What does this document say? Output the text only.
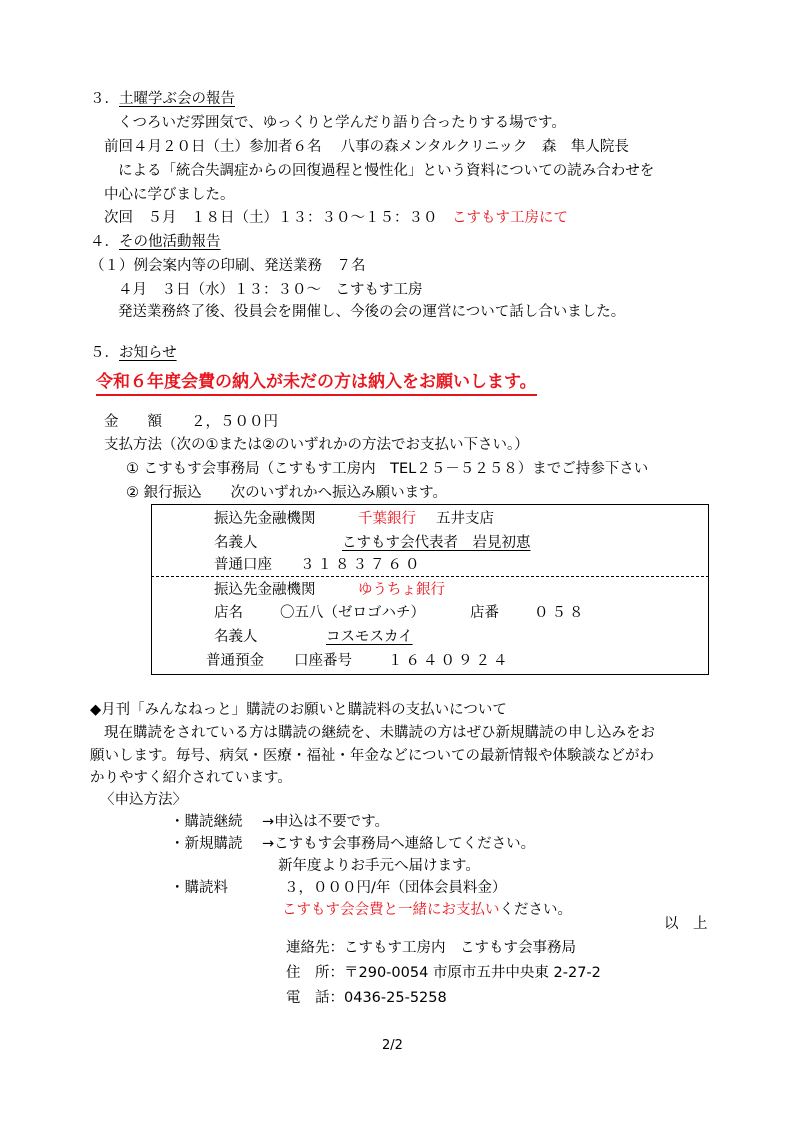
３．土曜学ぶ会の報告
くつろいだ雰囲気で、ゆっくりと学んだり語り合ったりする場です。
前回４月２０日（土）参加者６名　 八事の森メンタルクリニック　森　隼人院長
による「統合失調症からの回復過程と慢性化」という資料についての読み合わせを
中心に学びました。
次回　５月　１８日（土）１３：３０～１５：３０　 こすもす工房にて
４．その他活動報告
（１）例会案内等の印刷、発送業務　７名
４月　３日（水）１３：３０～　こすもす工房
発送業務終了後、役員会を開催し、今後の会の運営について話し合いました。
５．お知らせ
令和６年度会費の納入が未だの方は納入をお願いします。
金　　額　　 ２，５００円
支払方法（次の①または②のいずれかの方法でお支払い下さい。）
① こすもす会事務局（こすもす工房内　TEL２５－５２５８）までご持参下さい
② 銀行振込　　次のいずれかへ振込み願います。
振込先金融機関	千葉銀行 五井支店
名義人	こすもす会代表者　岩見初恵
普通口座 ３１８３７６０
振込先金融機関	ゆうちょ銀行
店名	〇五八（ゼロゴハチ）	店番 ０５８
名義人	コスモスカイ
普通預金 口座番号 １６４０９２４
◆月刊「みんなねっと」購読のお願いと購読料の支払いについて
現在購読をされている方は購読の継続を、未購読の方はぜひ新規購読の申し込みをお
願いします。毎号、病気・医療・福祉・年金などについての最新情報や体験談などがわ
かりやすく紹介されています。
〈申込方法〉
・購読継続 →申込は不要です。
・新規購読 →こすもす会事務局へ連絡してください。
新年度よりお手元へ届けます。
・購読料	３，０００円/年（団体会員料金）
こすもす会会費と一緒にお支払いください。
以　上
連絡先：こすもす工房内　こすもす会事務局
住　所：〒290-0054 市原市五井中央東 2-27-2
電　話：0436-25-5258
2/2
